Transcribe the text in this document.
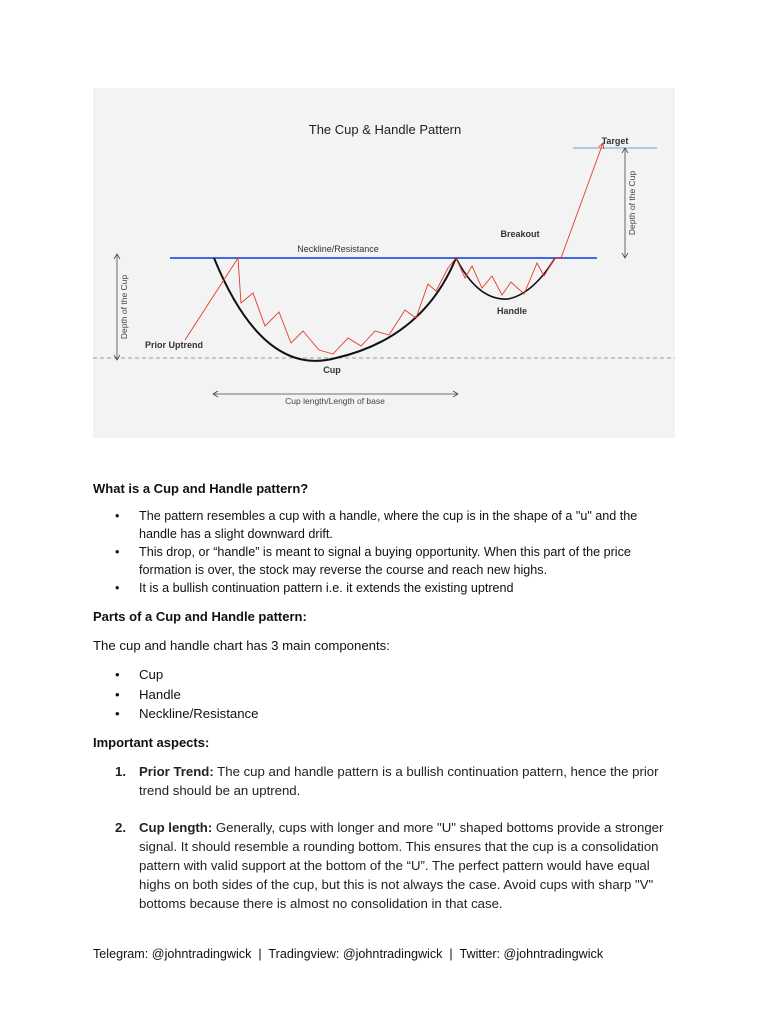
The Cup & Handle Pattern
Depth of the Cup
Depth of the Cup
Cup length/Length of base
Target
Breakout
Neckline/Resistance
Handle
Prior Uptrend
Cup
What is a Cup and Handle pattern?
• The pattern resembles a cup with a handle, where the cup is in the shape of a "u" and the handle has a slight downward drift.
• This drop, or “handle” is meant to signal a buying opportunity. When this part of the price formation is over, the stock may reverse the course and reach new highs.
• It is a bullish continuation pattern i.e. it extends the existing uptrend
Parts of a Cup and Handle pattern:
The cup and handle chart has 3 main components:
• Cup
• Handle
• Neckline/Resistance
Important aspects:
1. Prior Trend: The cup and handle pattern is a bullish continuation pattern, hence the prior trend should be an uptrend.
2. Cup length: Generally, cups with longer and more "U" shaped bottoms provide a stronger signal. It should resemble a rounding bottom. This ensures that the cup is a consolidation pattern with valid support at the bottom of the “U”. The perfect pattern would have equal highs on both sides of the cup, but this is not always the case. Avoid cups with sharp "V" bottoms because there is almost no consolidation in that case.
Telegram: @johntradingwick  |  Tradingview: @johntradingwick  |  Twitter: @johntradingwick
